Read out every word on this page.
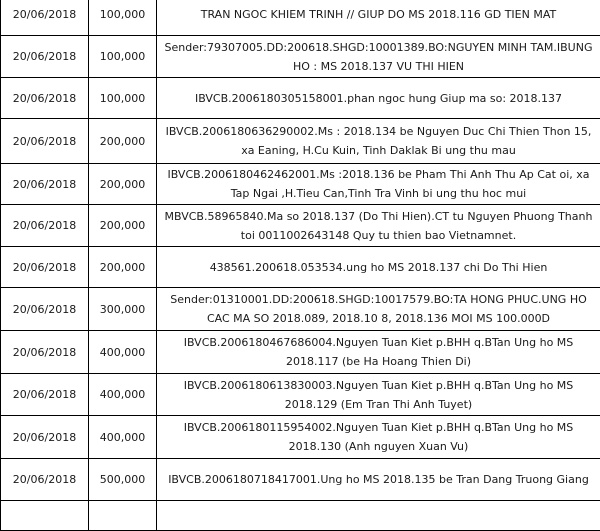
20/06/2018	100,000	TRAN NGOC KHIEM TRINH // GIUP DO MS 2018.116 GD TIEN MAT
20/06/2018	100,000	Sender:79307005.DD:200618.SHGD:10001389.BO:NGUYEN MINH TAM.IBUNG HO : MS 2018.137 VU THI HIEN
20/06/2018	100,000	IBVCB.2006180305158001.phan ngoc hung Giup ma so: 2018.137
20/06/2018	200,000	IBVCB.2006180636290002.Ms : 2018.134 be Nguyen Duc Chi Thien Thon 15, xa Eaning, H.Cu Kuin, Tinh Daklak Bi ung thu mau
20/06/2018	200,000	IBVCB.2006180462462001.Ms :2018.136 be Pham Thi Anh Thu Ap Cat oi, xa Tap Ngai ,H.Tieu Can,Tinh Tra Vinh bi ung thu hoc mui
20/06/2018	200,000	MBVCB.58965840.Ma so 2018.137 (Do Thi Hien).CT tu Nguyen Phuong Thanh toi 0011002643148 Quy tu thien bao Vietnamnet.
20/06/2018	200,000	438561.200618.053534.ung ho MS 2018.137 chi Do Thi Hien
20/06/2018	300,000	Sender:01310001.DD:200618.SHGD:10017579.BO:TA HONG PHUC.UNG HO CAC MA SO 2018.089, 2018.10 8, 2018.136 MOI MS 100.000D
20/06/2018	400,000	IBVCB.2006180467686004.Nguyen Tuan Kiet p.BHH q.BTan Ung ho MS 2018.117 (be Ha Hoang Thien Di)
20/06/2018	400,000	IBVCB.2006180613830003.Nguyen Tuan Kiet p.BHH q.BTan Ung ho MS 2018.129 (Em Tran Thi Anh Tuyet)
20/06/2018	400,000	IBVCB.2006180115954002.Nguyen Tuan Kiet p.BHH q.BTan Ung ho MS 2018.130 (Anh nguyen Xuan Vu)
20/06/2018	500,000	IBVCB.2006180718417001.Ung ho MS 2018.135 be Tran Dang Truong Giang
